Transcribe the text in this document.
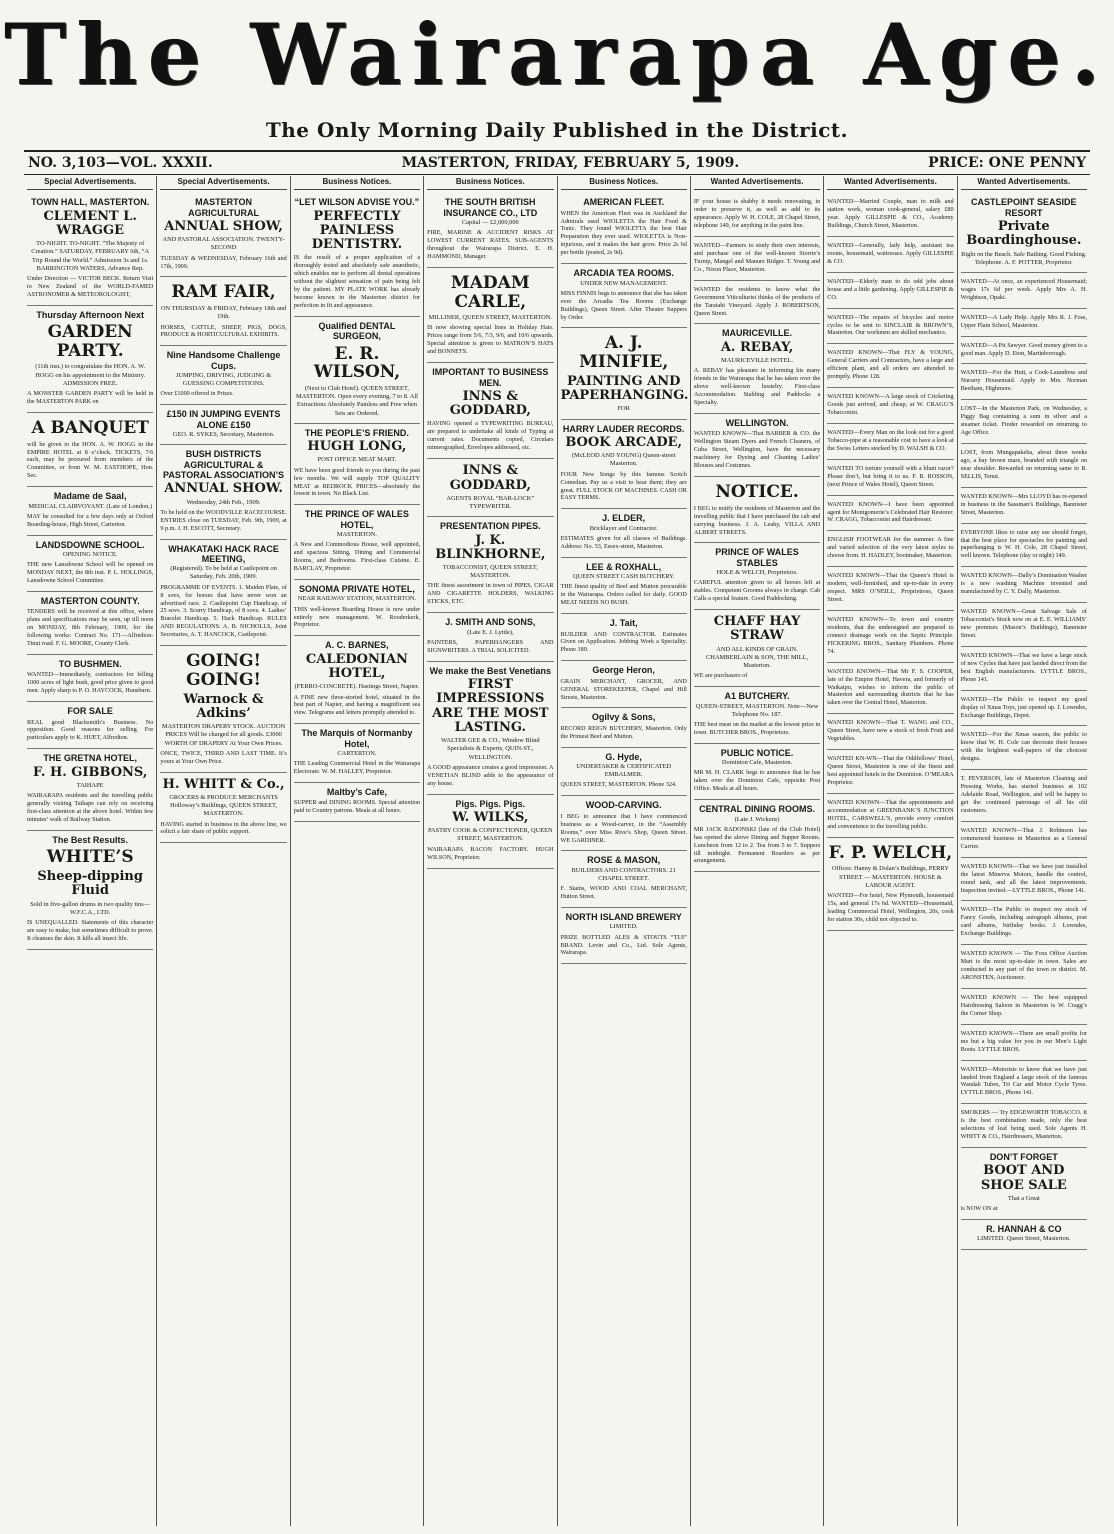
The Wairarapa Age.
The Only Morning Daily Published in the District.
NO. 3,103—VOL. XXXII.	MASTERTON, FRIDAY, FEBRUARY 5, 1909.	PRICE: ONE PENNY
Special Advertisements.
TOWN HALL, MASTERTON.
CLEMENT L. WRAGGE
TO-NIGHT. TO-NIGHT. “The Majesty of Creation.” SATURDAY, FEBRUARY 6th, “A Trip Round the World.” Admission 3s and 1s. BARRINGTON WATERS, Advance Rep.
Under Direction — VICTOR BECK. Return Visit to New Zealand of the WORLD-FAMED ASTRONOMER & METEOROLOGIST,
Thursday Afternoon Next
GARDEN PARTY.
(11th inst.) to congratulate the HON. A. W. HOGG on his appointment to the Ministry. ADMISSION FREE.
A MONSTER GARDEN PARTY will be held in the MASTERTON PARK on
A BANQUET
will be given to the HON. A. W. HOGG in the EMPIRE HOTEL at 8 o’clock. TICKETS, 7/6 each, may be procured from members of the Committee, or from W. M. EASTHOPE, Hon. Sec.
Madame de Saal,
MEDICAL CLAIRVOYANT. (Late of London.)
MAY be consulted for a few days only at Oxford Boarding-house, High Street, Carterton.
LANDSDOWNE SCHOOL.
OPENING NOTICE.
THE new Lansdowne School will be opened on MONDAY NEXT, the 8th inst. P. L. HOLLINGS, Lansdowne School Committee.
MASTERTON COUNTY.
TENDERS will be received at this office, where plans and specifications may be seen, up till noon on MONDAY, 8th February, 1909, for the following works: Contract No. 171—Alfredton-Tinui road. F. G. MOORE, County Clerk.
TO BUSHMEN.
WANTED—Immediately, contractors for felling 1000 acres of light bush, good price given to good men. Apply sharp to P. O. HAYCOCK, Hunsburn.
FOR SALE
REAL good Blacksmith’s Business. No opposition. Good reasons for selling. For particulars apply to K. HUET, Alfredton.
THE GRETNA HOTEL,
F. H. GIBBONS,
TAIHAPE
WAIRARAPA residents and the travelling public generally visiting Taihape can rely on receiving first-class attention at the above hotel. Within few minutes’ walk of Railway Station.
The Best Results.
WHITE’S
Sheep-dipping Fluid
Sold in five-gallon drums in two quality tins— W.F.C.A., LTD.
IS UNEQUALLED. Statements of this character are easy to make, but sometimes difficult to prove. It cleanses the skin. It kills all insect life.
Special Advertisements.
MASTERTON AGRICULTURAL
ANNUAL SHOW,
AND PASTORAL ASSOCIATION. TWENTY-SECOND
TUESDAY & WEDNESDAY, February 16th and 17th, 1909.
RAM FAIR,
ON THURSDAY & FRIDAY, February 18th and 19th.
HORSES, CATTLE, SHEEP, PIGS, DOGS, PRODUCE & HORTICULTURAL EXHIBITS.
Nine Handsome Challenge Cups.
JUMPING, DRIVING, JUDGING & GUESSING COMPETITIONS.
Over £1000 offered in Prizes.
£150 IN JUMPING EVENTS ALONE £150
GEO. R. SYKES, Secretary, Masterton.
BUSH DISTRICTS AGRICULTURAL & PASTORAL ASSOCIATION’S
ANNUAL SHOW.
Wednesday, 24th Feb., 1909.
To be held on the WOODVILLE RACECOURSE. ENTRIES close on TUESDAY, Feb. 9th, 1909, at 9 p.m. J. H. ESCOTT, Secretary.
WHAKATAKI HACK RACE MEETING,
(Registered). To be held at Castlepoint on Saturday, Feb. 20th, 1909.
PROGRAMME OF EVENTS. 1. Maiden Plate, of 8 sovs, for horses that have never won an advertised race. 2. Castlepoint Cup Handicap, of 25 sovs. 3. Scurry Handicap, of 8 sovs. 4. Ladies’ Bracelet Handicap. 5. Hack Handicap. RULES AND REGULATIONS. A. B. NICHOLLS, Joint Secretaries, A. T. HANCOCK, Castlepoint.
GOING! GOING!
Warnock & Adkins’
MASTERTON DRAPERY STOCK. AUCTION PRICES Will be charged for all goods. £3000 WORTH OF DRAPERY At Your Own Prices.
ONCE, TWICE, THIRD AND LAST TIME. It’s yours at Your Own Price.
H. WHITT & Co.,
GROCERS & PRODUCE MERCHANTS Holloway’s Buildings, QUEEN STREET, MASTERTON.
HAVING started in business in the above line, we solicit a fair share of public support.
Business Notices.
“LET WILSON ADVISE YOU.”
PERFECTLY PAINLESS DENTISTRY.
IS the result of a proper application of a thoroughly tested and absolutely safe anæsthetic, which enables me to perform all dental operations without the slightest sensation of pain being felt by the patient. MY PLATE WORK has already become known in the Masterton district for perfection in fit and appearance.
Qualified DENTAL SURGEON,
E. R. WILSON,
(Next to Club Hotel). QUEEN STREET, MASTERTON. Open every evening, 7 to 8. All Extractions Absolutely Painless and Free when Sets are Ordered.
THE PEOPLE’S FRIEND.
HUGH LONG,
POST OFFICE MEAT MART.
WE have been good friends to you during the past few months. We will supply TOP QUALITY MEAT at REDROCK PRICES—absolutely the lowest in town. No Black List.
THE PRINCE OF WALES HOTEL,
MASTERTON.
A New and Commodious House, well appointed, and spacious Sitting, Dining and Commercial Rooms, and Bedrooms. First-class Cuisine. E. BARCLAY, Proprietor.
SONOMA PRIVATE HOTEL,
NEAR RAILWAY STATION, MASTERTON.
THIS well-known Boarding House is now under entirely new management. W. Rooderkerk, Proprietor.
A. C. BARNES,
CALEDONIAN HOTEL,
(FERRO-CONCRETE). Hastings Street, Napier.
A FINE new three-storied hotel, situated in the best part of Napier, and having a magnificent sea view. Telegrams and letters promptly attended to.
The Marquis of Normanby Hotel,
CARTERTON.
THE Leading Commercial Hotel in the Wairarapa Electorate. W. M. HALLEY, Proprietor.
Maltby’s Cafe,
SUPPER and DINING ROOMS. Special attention paid to Country patrons. Meals at all hours.
Business Notices.
THE SOUTH BRITISH INSURANCE CO., LTD
Capital — £2,000,000
FIRE, MARINE & ACCIDENT RISKS AT LOWEST CURRENT RATES. SUB-AGENTS throughout the Wairarapa District. E. H. HAMMOND, Manager.
MADAM CARLE,
MILLINER, QUEEN STREET, MASTERTON.
IS now showing special lines in Holiday Hats. Prices range from 5/6, 7/3, 9/6, and 10/6 upwards. Special attention is given to MATRON’S HATS and BONNETS.
IMPORTANT TO BUSINESS MEN.
INNS & GODDARD,
HAVING opened a TYPEWRITING BUREAU, are prepared to undertake all kinds of Typing at current rates. Documents copied, Circulars mimeographed, Envelopes addressed, etc.
INNS & GODDARD,
AGENTS ROYAL “BAR-LOCK” TYPEWRITER.
PRESENTATION PIPES.
J. K. BLINKHORNE,
TOBACCONIST, QUEEN STREET, MASTERTON.
THE finest assortment in town of PIPES, CIGAR AND CIGARETTE HOLDERS, WALKING STICKS, ETC.
J. SMITH AND SONS,
(Late E. J. Lyttle),
PAINTERS, PAPERHANGERS AND SIGNWRITERS. A TRIAL SOLICITED.
We make the Best Venetians
FIRST IMPRESSIONS ARE THE MOST LASTING.
WALTER GEE & CO., Window Blind Specialists & Experts, QUIN-ST., WELLINGTON.
A GOOD appearance creates a good impression. A VENETIAN BLIND adds to the appearance of any house.
Pigs. Pigs. Pigs.
W. WILKS,
PASTRY COOK & CONFECTIONER, QUEEN STREET, MASTERTON.
WAIRARAPA BACON FACTORY. HUGH WILSON, Proprietor.
Business Notices.
AMERICAN FLEET.
WHEN the American Fleet was in Auckland the Admirals used WIOLETTA the Hair Food & Tonic. They found WIOLETTA the best Hair Preparation they ever used. WIOLETTA is Non-injurious, and it makes the hair grow. Price 2s 6d per bottle (posted, 2s 9d).
ARCADIA TEA ROOMS.
UNDER NEW MANAGEMENT.
MISS FINNIS begs to announce that she has taken over the Arcadia Tea Rooms (Exchange Buildings), Queen Street. After Theatre Suppers by Order.
A. J. MINIFIE,
PAINTING AND PAPERHANGING.
FOR
HARRY LAUDER RECORDS.
BOOK ARCADE,
(McLEOD AND YOUNG) Queen-street Masterton.
FOUR New Songs by this famous Scotch Comedian. Pay us a visit to hear them; they are great. FULL STOCK OF MACHINES. CASH OR EASY TERMS.
J. ELDER,
Bricklayer and Contractor.
ESTIMATES given for all classes of Buildings. Address: No. 53, Essex-street, Masterton.
LEE & ROXHALL,
QUEEN STREET CASH BUTCHERY.
THE finest quality of Beef and Mutton procurable in the Wairarapa. Orders called for daily. GOOD MEAT NEEDS NO BUSH.
J. Tait,
BUILDER AND CONTRACTOR. Estimates Given on Application. Jobbing Work a Speciality. Phone 189.
George Heron,
GRAIN MERCHANT, GROCER, AND GENERAL STOREKEEPER, Chapel and Hill Streets, Masterton.
Ogilvy & Sons,
RECORD REIGN BUTCHERY, Masterton. Only the Primest Beef and Mutton.
G. Hyde,
UNDERTAKER & CERTIFICATED EMBALMER.
QUEEN STREET, MASTERTON. Phone 324.
WOOD-CARVING.
I BEG to announce that I have commenced business as a Wood-carver, in the “Assembly Rooms,” over Miss Rive’s Shop, Queen Street. WE GARDINER.
ROSE & MASON,
BUILDERS AND CONTRACTORS. 21 CHAPEL STREET.
F. Stains, WOOD AND COAL MERCHANT, Hutton Street.
NORTH ISLAND BREWERY
LIMITED.
PRIZE BOTTLED ALES & STOUTS “TUI” BRAND. Levin and Co., Ltd. Sole Agents, Wairarapa.
Wanted Advertisements.
IF your house is shabby it needs renovating, in order to preserve it, as well as add to its appearance. Apply W. H. COLE, 28 Chapel Street, telephone 149, for anything in the paint line.
WANTED—Farmers to study their own interests, and purchase one of the well-known Storrie’s Turnip, Mangel and Manure Ridger. T. Young and Co., Nixon Place, Masterton.
WANTED the residents to know what the Government Viticulturist thinks of the products of the Taratahi Vineyard. Apply J. ROBERTSON, Queen Street.
MAURICEVILLE.
A. REBAY,
MAURICEVILLE HOTEL.
A. REBAY has pleasure in informing his many friends in the Wairarapa that he has taken over the above well-known hostelry. First-class Accommodation. Stabling and Paddocks a Specialty.
WELLINGTON.
WANTED KNOWN—That BARBER & CO. the Wellington Steam Dyers and French Cleaners, of Cuba Street, Wellington, have the necessary machinery for Dyeing and Cleaning Ladies’ Blouses and Costumes.
NOTICE.
I BEG to notify the residents of Masterton and the travelling public that I have purchased the cab and carrying business. J. A. Leahy, VILLA AND ALBERT STREETS.
PRINCE OF WALES STABLES
HOLE & WELCH, Proprietors.
CAREFUL attention given to all horses left at stables. Competent Grooms always in charge. Cab Calls a special feature. Good Paddocking.
CHAFF HAY STRAW
AND ALL KINDS OF GRAIN. CHAMBERLAIN & SON, THE MILL, Masterton.
WE are purchasers of
A1 BUTCHERY.
QUEEN-STREET, MASTERTON. Note—New Telephone No. 187.
THE best meat on the market at the lowest price in town. BUTCHER BROS., Proprietors.
PUBLIC NOTICE.
Dominion Cafe, Masterton.
MR M. H. CLARK begs to announce that he has taken over the Dominion Cafe, opposite Post Office. Meals at all hours.
CENTRAL DINING ROOMS.
(Late J. Wickens)
MR JACK RADONSKI (late of the Club Hotel) has opened the above Dining and Supper Rooms. Luncheon from 12 to 2. Tea from 5 to 7. Suppers till midnight. Permanent Boarders as per arrangement.
Wanted Advertisements.
WANTED—Married Couple, man to milk and station work, woman cook-general, salary £80 year. Apply GILLESPIE & CO., Academy Buildings, Church Street, Masterton.
WANTED—Generally, lady help, assistant tea rooms, housemaid, waitresses. Apply GILLESPIE & CO.
WANTED—Elderly man to do odd jobs about house and a little gardening. Apply GILLESPIE & CO.
WANTED—The repairs of bicycles and motor cycles to be sent to SINCLAIR & BROWN’S, Masterton. Our workmen are skilled mechanics.
WANTED KNOWN—That FLY & YOUNG, General Carriers and Contractors, have a large and efficient plant, and all orders are attended to promptly. Phone 128.
WANTED KNOWN—A large stock of Cricketing Goods just arrived, and cheap, at W. CRAGG’S Tobacconist.
WANTED—Every Man on the look out for a good Tobacco-pipe at a reasonable cost to have a look at the Swiss Letters stocked by D. WALSH & CO.
WANTED TO torture yourself with a blunt razor? Please don’t, but bring it to us. F. B. ROSSON, (next Prince of Wales Hotel), Queen Street.
WANTED KNOWN—I have been appointed agent for Montgomerie’s Celebrated Hair Restorer. W. CRAGG, Tobacconist and Hairdresser.
ENGLISH FOOTWEAR for the summer. A fine and varied selection of the very latest styles to choose from. H. HADLEY, bootmaker, Masterton.
WANTED KNOWN—That the Queen’s Hotel is modern, well-furnished, and up-to-date in every respect. MRS O’NEILL, Proprietress, Queen Street.
WANTED KNOWN—To town and country residents, that the undersigned are prepared to connect drainage work on the Septic Principle. FICKERING BROS., Sanitary Plumbers. Phone 74.
WANTED KNOWN—That Mr F. S. COOPER, late of the Empire Hotel, Havera, and formerly of Waikaipu, wishes to inform the public of Masterton and surrounding districts that he has taken over the Central Hotel, Masterton.
WANTED KNOWN—That T. WANG and CO., Queen Street, have now a stock of fresh Fruit and Vegetables.
WANTED KN-WN—That the Oddfellows’ Hotel, Queen Street, Masterton is one of the finest and best appointed hotels in the Dominion. O’MEARA Proprietor.
WANTED KNOWN—That the appointments and accommodation at GREENBANK’S JUNCTION HOTEL, CARSWELL’S, provide every comfort and convenience to the travelling public.
F. P. WELCH,
Offices: Hanny & Dolan’s Buildings, PERRY STREET — MASTERTON. HOUSE & LABOUR AGENT.
WANTED—For hotel, New Plymouth, housemaid 15s, and general 17s 6d. WANTED—Housemaid, leading Commercial Hotel, Wellington, 20s, cook for station 30s, child not objected to.
Wanted Advertisements.
CASTLEPOINT SEASIDE RESORT
Private Boardinghouse.
Right on the Beach. Safe Bathing. Good Fishing. Telephone. A. F. POTTER, Proprietor.
WANTED—At once, an experienced Housemaid; wages 17s 6d per week. Apply Mrs A. H. Wrightson, Opaki.
WANTED—A Lady Help. Apply Mrs R. J. Foss, Upper Plain School, Masterton.
WANTED—A Pit Sawyer. Good money given to a good man. Apply D. Eton, Martinborough.
WANTED—For the Hutt, a Cook-Laundress and Nursery Housemaid. Apply to Mrs. Norman Beetham, Highmore.
LOST—In the Masterton Park, on Wednesday, a Piggy Bag containing a sum in silver and a steamer ticket. Finder rewarded on returning to Age Office.
LOST, from Mungapakeha, about three weeks ago, a bay brown mare, branded with triangle on near shoulder. Rewarded on returning same to R. SELLIS, Tenui.
WANTED KNOWN—Mrs LLOYD has re-opened in business in the Sassman’s Buildings, Bannister Street, Masterton.
EVERYONE likes to raise any see should forget, that the best place for spectacles for painting and paperhanging is W. H. Cole, 28 Chapel Street, well known. Telephone (day or night) 149.
WANTED KNOWN—Dally’s Domination Washer is a new washing Machine invented and manufactured by C. Y. Dally, Masterton.
WANTED KNOWN—Great Salvage Sale of Tobacconist’s Stock now on at E. E. WILLIAMS’ new premises (Mason’s Buildings), Bannister Street.
WANTED KNOWN—That we have a large stock of new Cycles that have just landed direct from the best English manufacturers. LYTTLE BROS., Phone 141.
WANTED—The Public to inspect my good display of Xmas Toys, just opened up. J. Lowndes, Exchange Buildings, Depot.
WANTED—For the Xmas season, the public to know that W. H. Cole can decorate their houses with the brightest wall-papers of the choicest designs.
T. PEVERSON, late of Masterton Cleaning and Pressing Works, has started business at 102 Adelaide Road, Wellington, and will be happy to get the continued patronage of all his old customers.
WANTED KNOWN—That J. Robinson has commenced business in Masterton as a General Carrier.
WANTED KNOWN—That we have just installed the latest Minerva Motors, handle the control, round tank, and all the latest improvements. Inspection invited.—LYTTLE BROS., Phone 141.
WANTED—The Public to inspect my stock of Fancy Goods, including autograph albums, post card albums, birthday books. J. Lowndes, Exchange Buildings.
WANTED KNOWN — The Foxs Office Auction Mart is the most up-to-date in town. Sales are conducted in any part of the town or district. M. ARONSTEN, Auctioneer.
WANTED KNOWN — The best equipped Hairdressing Saloon in Masterton is W. Cragg’s the Corner Shop.
WANTED KNOWN—There are small profits for me but a big value for you in our Men’s Light Boots. LYTTLE BROS.
WANTED—Motorists to know that we have just landed from England a large stock of the famous Wandah Tubes, Tri Car and Motor Cycle Tyres. LYTTLE BROS., Phone 141.
SMOKERS — Try EDGEWORTH TOBACCO. It is the best combination made, only the best selections of leaf being used. Sole Agents H. WHITT & CO., Hairdressers, Masterton.
DON’T FORGET
BOOT AND SHOE SALE
That a Great
is NOW ON at
R. HANNAH & CO
LIMITED. Queen Street, Masterton.
